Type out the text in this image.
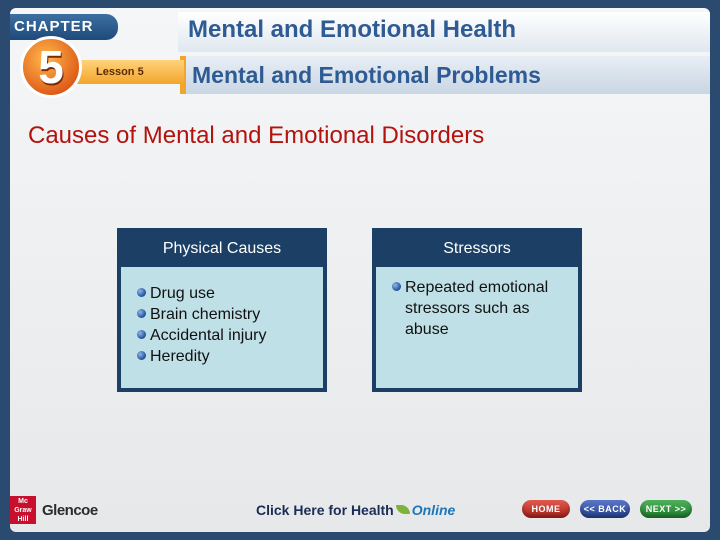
Mental and Emotional Health
Mental and Emotional Problems
Lesson 5
CHAPTER
5
Causes of Mental and Emotional Disorders
Physical Causes
Drug use
Brain chemistry
Accidental injury
Heredity
Stressors
Repeated emotional stressors such as abuse
Mc Graw Hill
Glencoe	Click Here for Health Online	HOME	<< BACK	NEXT >>
